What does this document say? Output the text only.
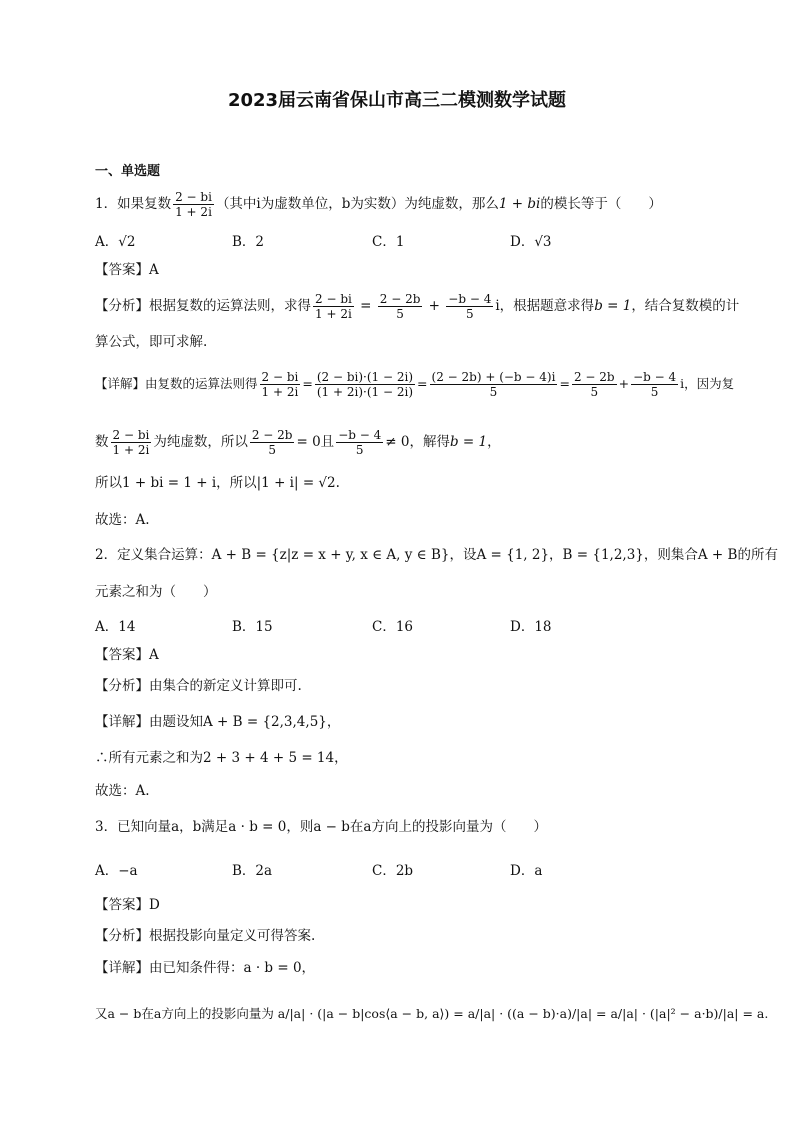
2023届云南省保山市高三二模测数学试题
一、单选题
1．如果复数 $\frac{2 - bi}{1 + 2i}$ （其中i为虚数单位，b为实数）为纯虚数，那么1 + bi的模长等于（　　）
A．√2	B．2	C．1	D．√3
【答案】A
【分析】根据复数的运算法则，求得 $\frac{2 - bi}{1 + 2i} = \frac{2 - 2b}{5} + \frac{-b - 4}{5}$ i，根据题意求得b = 1，结合复数模的计
算公式，即可求解.
【详解】由复数的运算法则得 $\frac{2 - bi}{1 + 2i} = \frac{(2 - bi)\cdot(1 - 2i)}{(1 + 2i)\cdot(1 - 2i)} = \frac{(2 - 2b) + (-b - 4)i}{5} = \frac{2 - 2b}{5} + \frac{-b - 4}{5}$ i，因为复
数 $\frac{2 - bi}{1 + 2i}$ 为纯虚数，所以 $\frac{2 - 2b}{5} = 0$且 $\frac{-b - 4}{5} \ne 0$，解得b = 1，
所以1 + bi = 1 + i，所以|1 + i| = √2.
故选：A.
2．定义集合运算：A + B = {z|z = x + y, x ∈ A, y ∈ B}，设A = {1, 2}，B = {1,2,3}，则集合A + B的所有
元素之和为（　　）
A．14	B．15	C．16	D．18
【答案】A
【分析】由集合的新定义计算即可.
【详解】由题设知A + B = {2,3,4,5}，
∴所有元素之和为2 + 3 + 4 + 5 = 14，
故选：A.
3．已知向量a，b满足a · b = 0，则a − b在a方向上的投影向量为（　　）
A．−a	B．2a	C．2b	D．a
【答案】D
【分析】根据投影向量定义可得答案.
【详解】由已知条件得：a · b = 0，
又a − b在a方向上的投影向量为 a/|a| · (|a − b|cos⟨a − b, a⟩) = a/|a| · ((a − b)·a)/|a| = a/|a| · (|a|² − a·b)/|a| = a.
